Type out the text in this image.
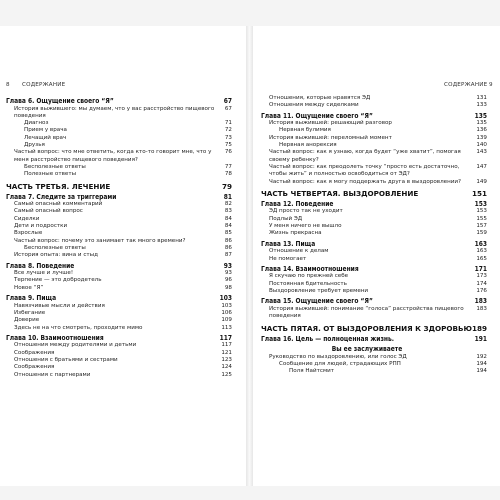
8 СОДЕРЖАНИЕ	СОДЕРЖАНИЕ 9
Глава 6. Ощущение своего “Я”	67
История выжившего: мы думаем, что у вас расстройство пищевого поведения
67
Диагноз	71
Прием у врача	72
Лечащий врач	73
Друзья	75
Частый вопрос: что мне ответить, когда кто-то говорит мне, что у меня расстройство пищевого поведения?
76
Бесполезные ответы	77
Полезные ответы	78
ЧАСТЬ ТРЕТЬЯ. ЛЕЧЕНИЕ	79
Глава 7. Следите за триггерами	81
Самый опасный комментарий	82
Самый опасный вопрос	83
Сиделки	84
Дети и подростки	84
Взрослые	85
Частый вопрос: почему это занимает так много времени?	86
Бесполезные ответы	86
История опыта: вина и стыд	87
Глава 8. Поведение	93
Все лучше и лучше!	93
Терпение — это добродетель	96
Новое “Я”	98
Глава 9. Пища	103
Навязчивые мысли и действия	103
Избегание	106
Доверие	109
Здесь не на что смотреть, проходите мимо	113
Глава 10. Взаимоотношения	117
Отношения между родителями и детьми	117
Соображения	121
Отношения с братьями и сестрами	123
Соображения	124
Отношения с партнерами	125
Отношения, которые нравятся ЭД	131
Отношения между сиделками	133
Глава 11. Ощущение своего “Я”	135
История выжившей: решающий разговор	135
Нервная булимия	136
История выжившей: переломный момент	139
Нервная анорексия	140
Частый вопрос: как я узнаю, когда будет “уже хватит”, помогая своему ребенку?
143
Частый вопрос: как преодолеть точку “просто есть достаточно, чтобы жить” и полностью освободиться от ЭД?
147
Частый вопрос: как я могу поддержать друга в выздоровлении?	149
ЧАСТЬ ЧЕТВЕРТАЯ. ВЫЗДОРОВЛЕНИЕ	151
Глава 12. Поведение	153
ЭД просто так не уходит	153
Подлый ЭД	155
У меня ничего не вышло	157
Жизнь прекрасна	159
Глава 13. Пища	163
Отношение к делам	163
Не помогает	165
Глава 14. Взаимоотношения	171
Я скучаю по прежней себе	173
Постоянная бдительность	174
Выздоровление требует времени	176
Глава 15. Ощущение своего “Я”	183
История выжившей: понимание “голоса” расстройства пищевого поведения
183
ЧАСТЬ ПЯТАЯ. ОТ ВЫЗДОРОВЛЕНИЯ К ЗДОРОВЬЮ 189
Глава 16. Цель — полноценная жизнь.	191
Вы ее заслуживаете
Руководство по выздоровлению, или голос ЭД	192
Сообщение для людей, страдающих РПП	194
Поля Найтсмит	194
